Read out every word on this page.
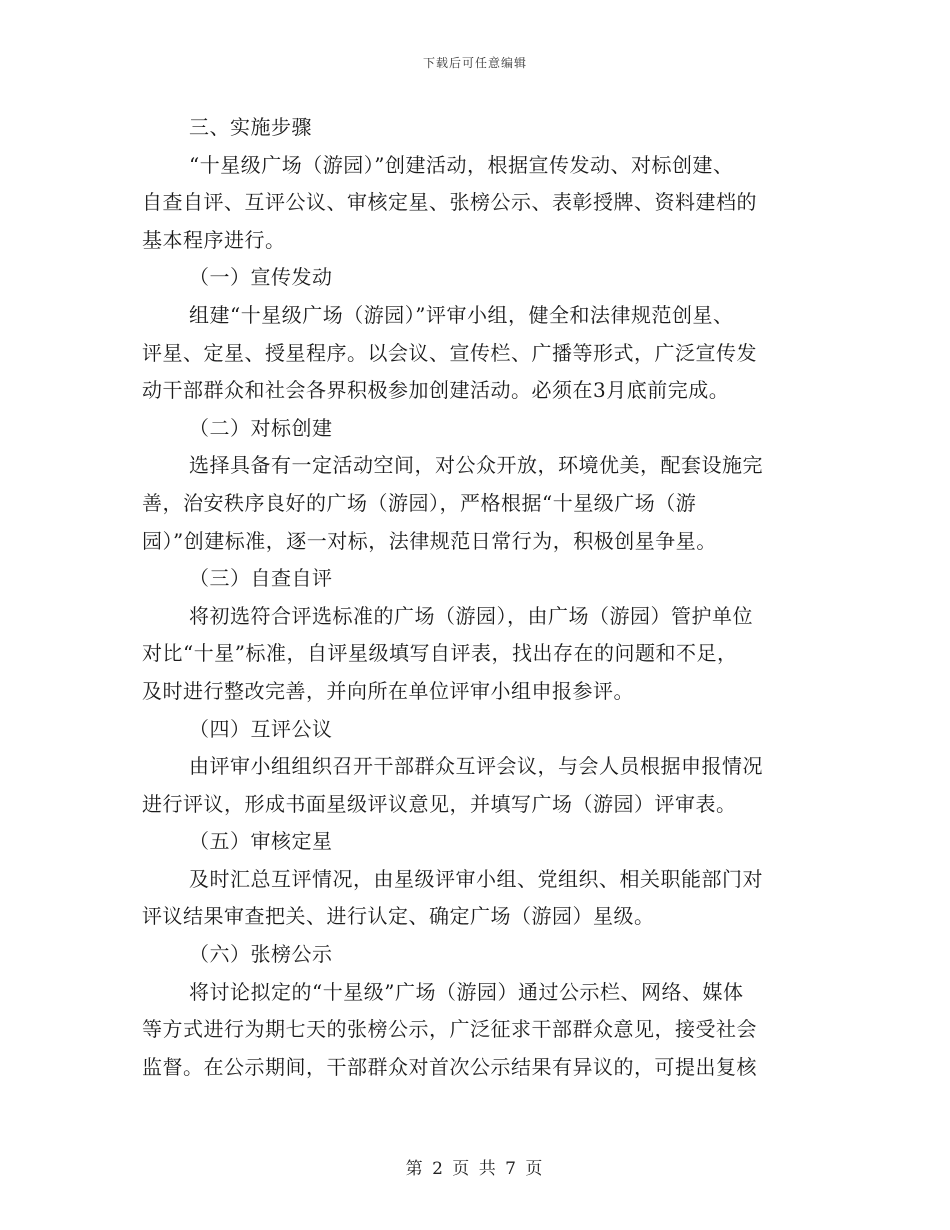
下载后可任意编辑
三、实施步骤
“十星级广场（游园）”创建活动，根据宣传发动、对标创建、
自查自评、互评公议、审核定星、张榜公示、表彰授牌、资料建档的
基本程序进行。
（一）宣传发动
组建“十星级广场（游园）”评审小组，健全和法律规范创星、
评星、定星、授星程序。以会议、宣传栏、广播等形式，广泛宣传发
动干部群众和社会各界积极参加创建活动。必须在3月底前完成。
（二）对标创建
选择具备有一定活动空间，对公众开放，环境优美，配套设施完
善，治安秩序良好的广场（游园），严格根据“十星级广场（游
园）”创建标准，逐一对标，法律规范日常行为，积极创星争星。
（三）自查自评
将初选符合评选标准的广场（游园），由广场（游园）管护单位
对比“十星”标准，自评星级填写自评表，找出存在的问题和不足，
及时进行整改完善，并向所在单位评审小组申报参评。
（四）互评公议
由评审小组组织召开干部群众互评会议，与会人员根据申报情况
进行评议，形成书面星级评议意见，并填写广场（游园）评审表。
（五）审核定星
及时汇总互评情况，由星级评审小组、党组织、相关职能部门对
评议结果审查把关、进行认定、确定广场（游园）星级。
（六）张榜公示
将讨论拟定的“十星级”广场（游园）通过公示栏、网络、媒体
等方式进行为期七天的张榜公示，广泛征求干部群众意见，接受社会
监督。在公示期间，干部群众对首次公示结果有异议的，可提出复核
第 2 页 共 7 页
